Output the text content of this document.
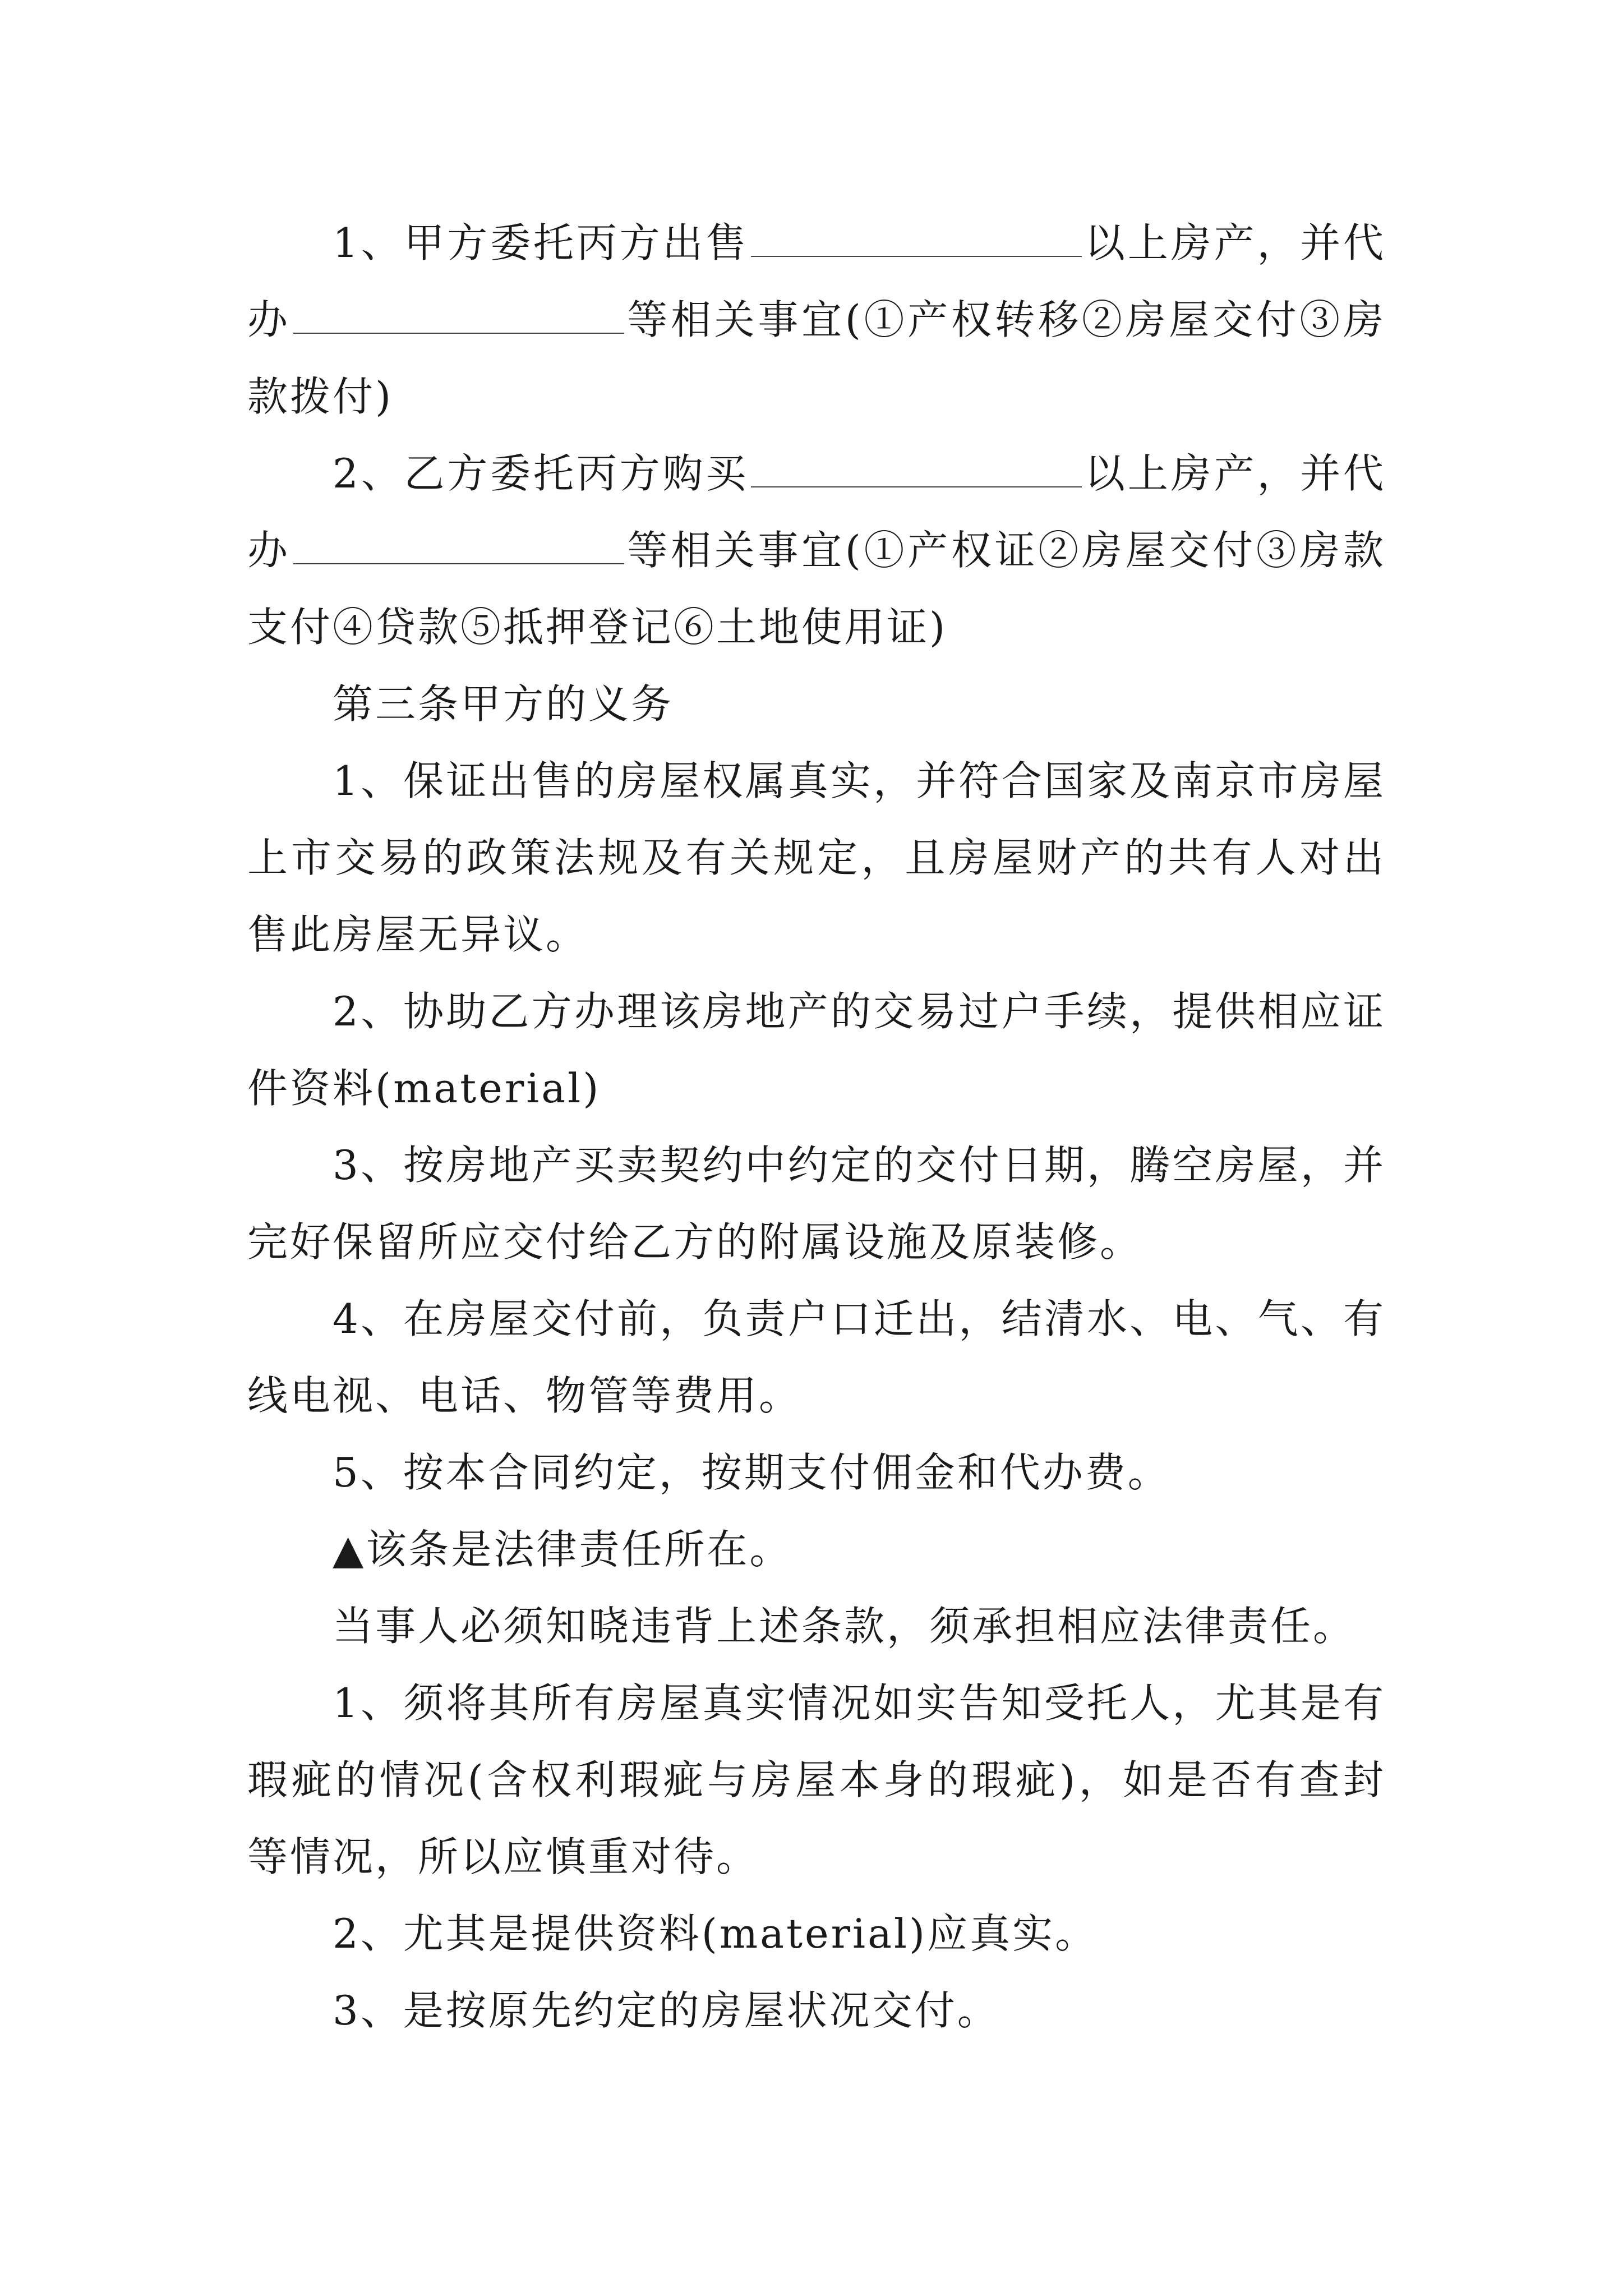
1、甲方委托丙方出售	以上房产，并代办	等相关事宜(①产权转移②房屋交付③房款拨付)

2、乙方委托丙方购买	以上房产，并代办	等相关事宜(①产权证②房屋交付③房款支付④贷款⑤抵押登记⑥土地使用证)

第三条甲方的义务

1、保证出售的房屋权属真实，并符合国家及南京市房屋上市交易的政策法规及有关规定，且房屋财产的共有人对出售此房屋无异议。

2、协助乙方办理该房地产的交易过户手续，提供相应证件资料(material)

3、按房地产买卖契约中约定的交付日期，腾空房屋，并完好保留所应交付给乙方的附属设施及原装修。

4、在房屋交付前，负责户口迁出，结清水、电、气、有线电视、电话、物管等费用。

5、按本合同约定，按期支付佣金和代办费。

▲该条是法律责任所在。

当事人必须知晓违背上述条款，须承担相应法律责任。

1、须将其所有房屋真实情况如实告知受托人，尤其是有瑕疵的情况(含权利瑕疵与房屋本身的瑕疵)，如是否有查封等情况，所以应慎重对待。

2、尤其是提供资料(material)应真实。

3、是按原先约定的房屋状况交付。
